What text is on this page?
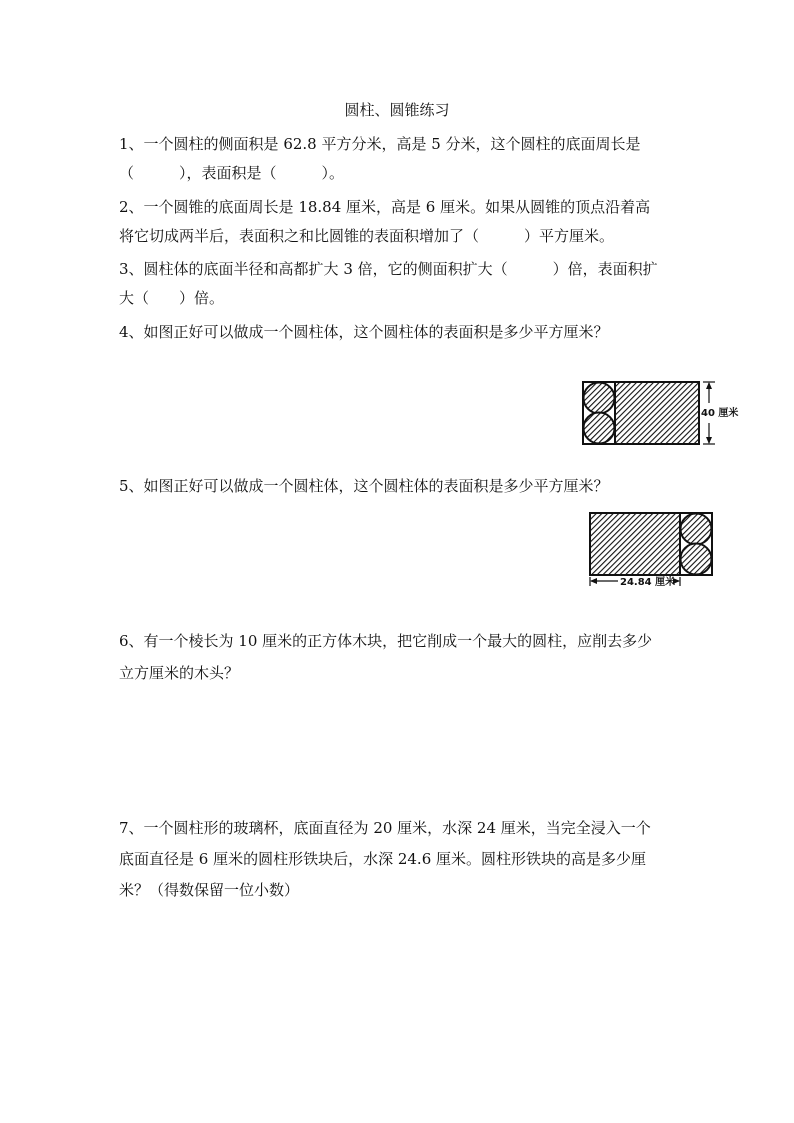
圆柱、圆锥练习
1、一个圆柱的侧面积是 62.8 平方分米，高是 5 分米，这个圆柱的底面周长是
（　　　），表面积是（　　　）。
2、一个圆锥的底面周长是 18.84 厘米，高是 6 厘米。如果从圆锥的顶点沿着高
将它切成两半后，表面积之和比圆锥的表面积增加了（　　　）平方厘米。
3、圆柱体的底面半径和高都扩大 3 倍，它的侧面积扩大（　　　）倍，表面积扩
大（　　）倍。
4、如图正好可以做成一个圆柱体，这个圆柱体的表面积是多少平方厘米？
40 厘米
5、如图正好可以做成一个圆柱体，这个圆柱体的表面积是多少平方厘米？
24.84 厘米
6、有一个棱长为 10 厘米的正方体木块，把它削成一个最大的圆柱，应削去多少
立方厘米的木头？
7、一个圆柱形的玻璃杯，底面直径为 20 厘米，水深 24 厘米，当完全浸入一个
底面直径是 6 厘米的圆柱形铁块后，水深 24.6 厘米。圆柱形铁块的高是多少厘
米？（得数保留一位小数）
